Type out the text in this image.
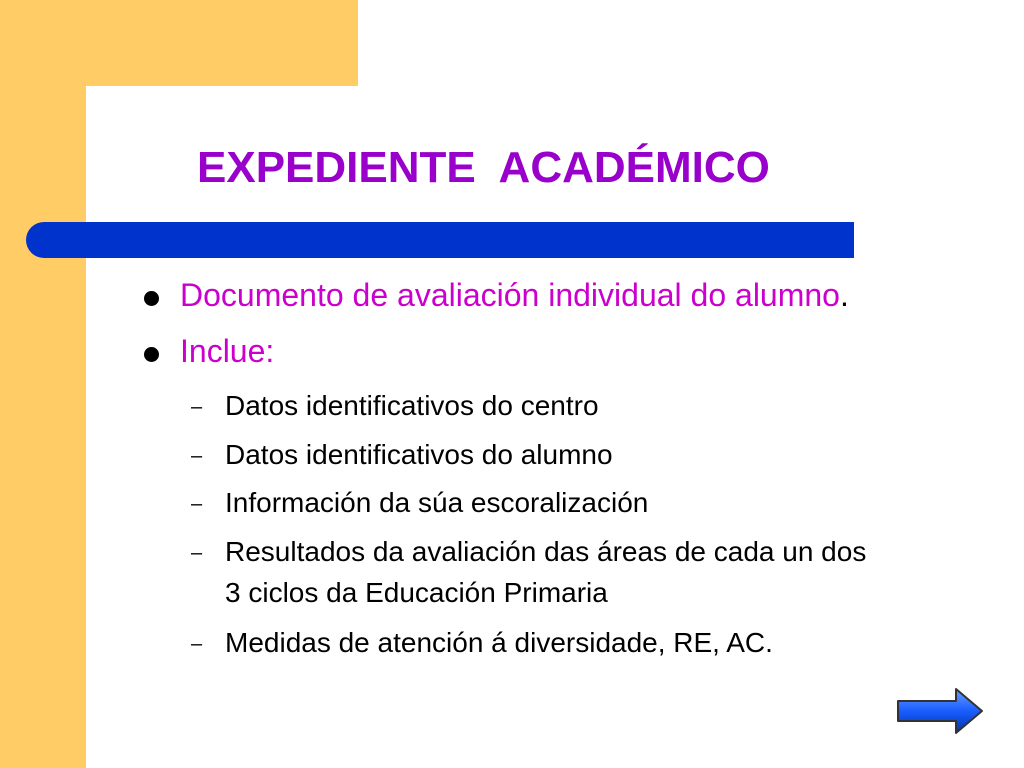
EXPEDIENTE  ACADÉMICO

Documento de avaliación individual do alumno.

Inclue:

– Datos identificativos do centro

– Datos identificativos do alumno

– Información da súa escoralización

– Resultados da avaliación das áreas de cada un dos

3 ciclos da Educación Primaria

– Medidas de atención á diversidade, RE, AC.
